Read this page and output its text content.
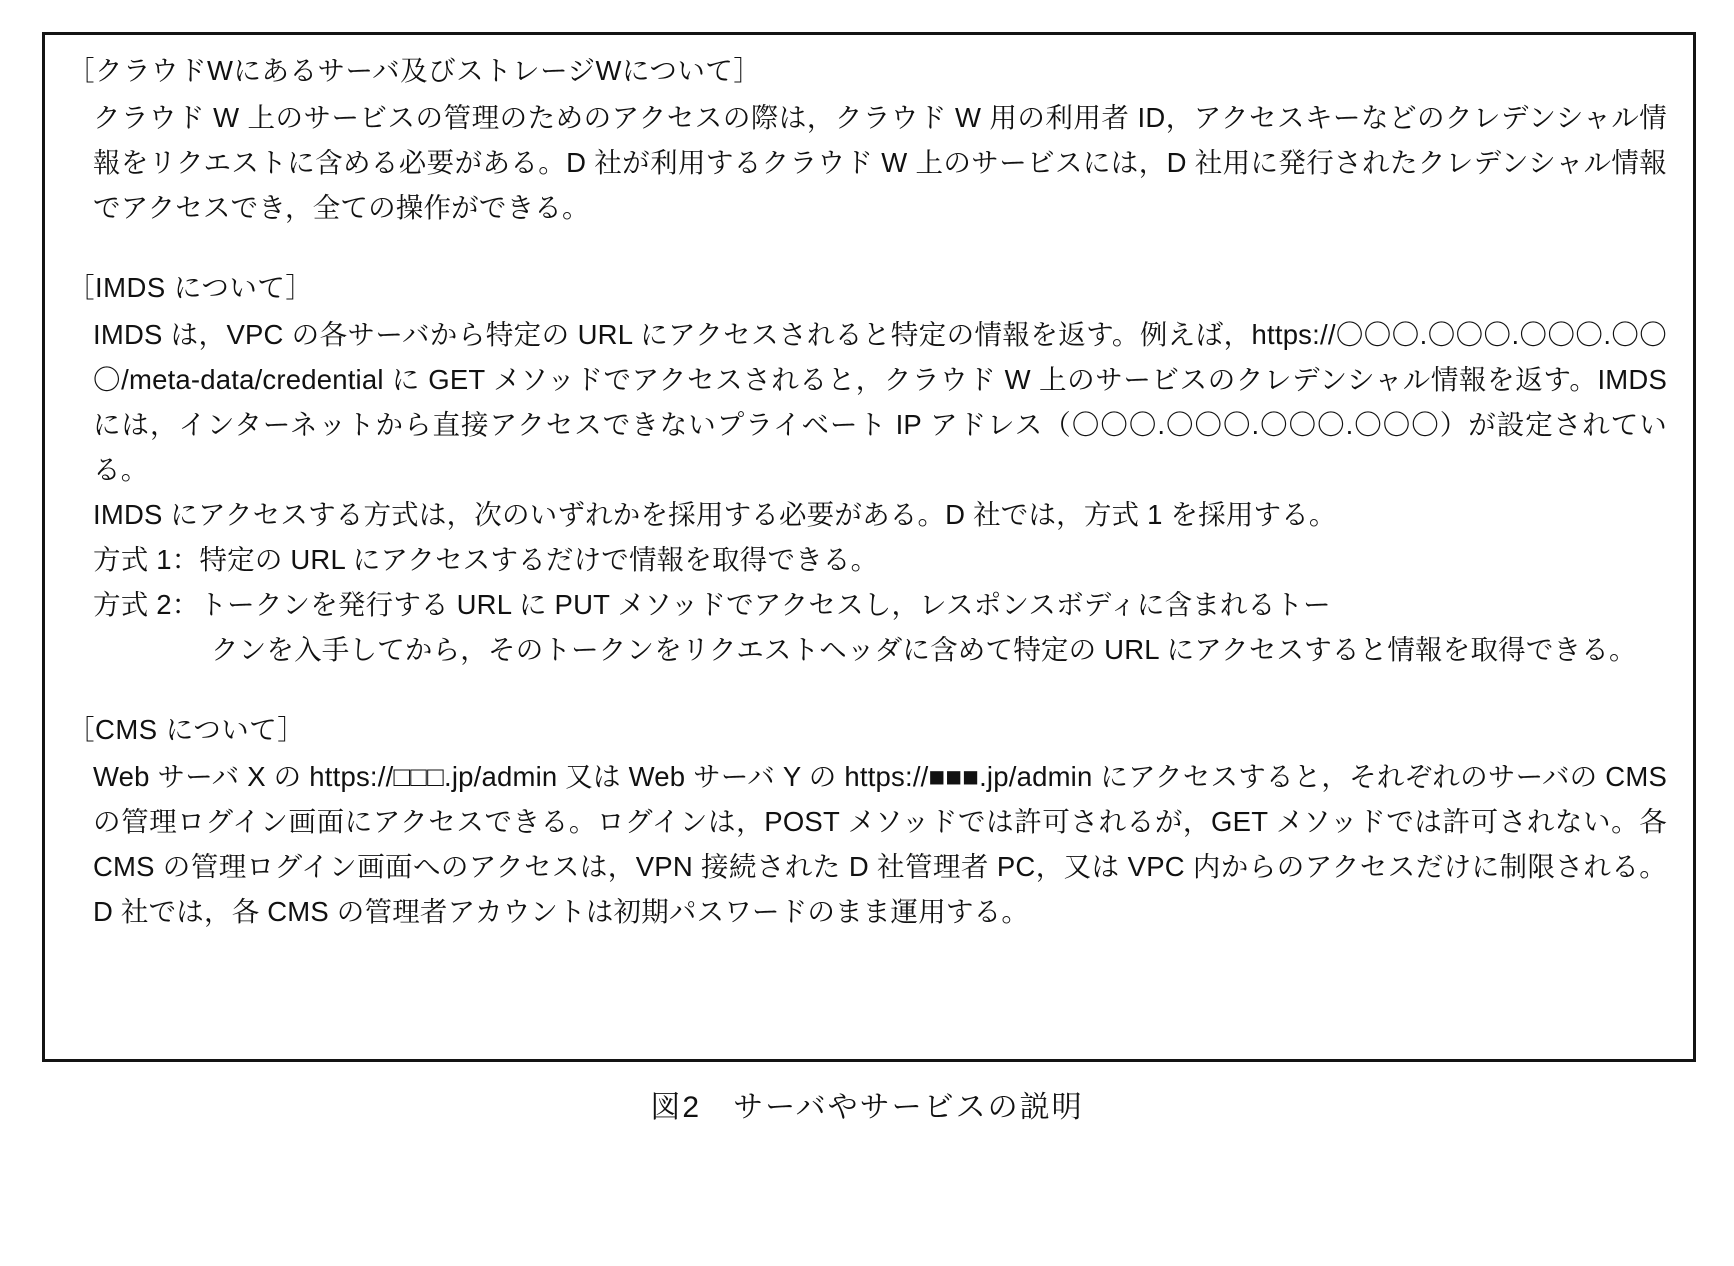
［クラウドWにあるサーバ及びストレージWについて］

クラウド W 上のサービスの管理のためのアクセスの際は，クラウド W 用の利用者 ID，アクセスキーなどのクレデンシャル情報をリクエストに含める必要がある。D 社が利用するクラウド W 上のサービスには，D 社用に発行されたクレデンシャル情報でアクセスでき，全ての操作ができる。

［IMDS について］

IMDS は，VPC の各サーバから特定の URL にアクセスされると特定の情報を返す。例えば，https://〇〇〇.〇〇〇.〇〇〇.〇〇〇/meta-data/credential に GET メソッドでアクセスされると，クラウド W 上のサービスのクレデンシャル情報を返す。IMDS には，インターネットから直接アクセスできないプライベート IP アドレス（〇〇〇.〇〇〇.〇〇〇.〇〇〇）が設定されている。

IMDS にアクセスする方式は，次のいずれかを採用する必要がある。D 社では，方式 1 を採用する。

方式 1：特定の URL にアクセスするだけで情報を取得できる。

方式 2：トークンを発行する URL に PUT メソッドでアクセスし，レスポンスボディに含まれるトー
クンを入手してから，そのトークンをリクエストヘッダに含めて特定の URL にアクセスすると情報を取得できる。

［CMS について］

Web サーバ X の https://□□□.jp/admin 又は Web サーバ Y の https://■■■.jp/admin にアクセスすると，それぞれのサーバの CMS の管理ログイン画面にアクセスできる。ログインは，POST メソッドでは許可されるが，GET メソッドでは許可されない。各 CMS の管理ログイン画面へのアクセスは，VPN 接続された D 社管理者 PC，又は VPC 内からのアクセスだけに制限される。D 社では，各 CMS の管理者アカウントは初期パスワードのまま運用する。

図2　サーバやサービスの説明
